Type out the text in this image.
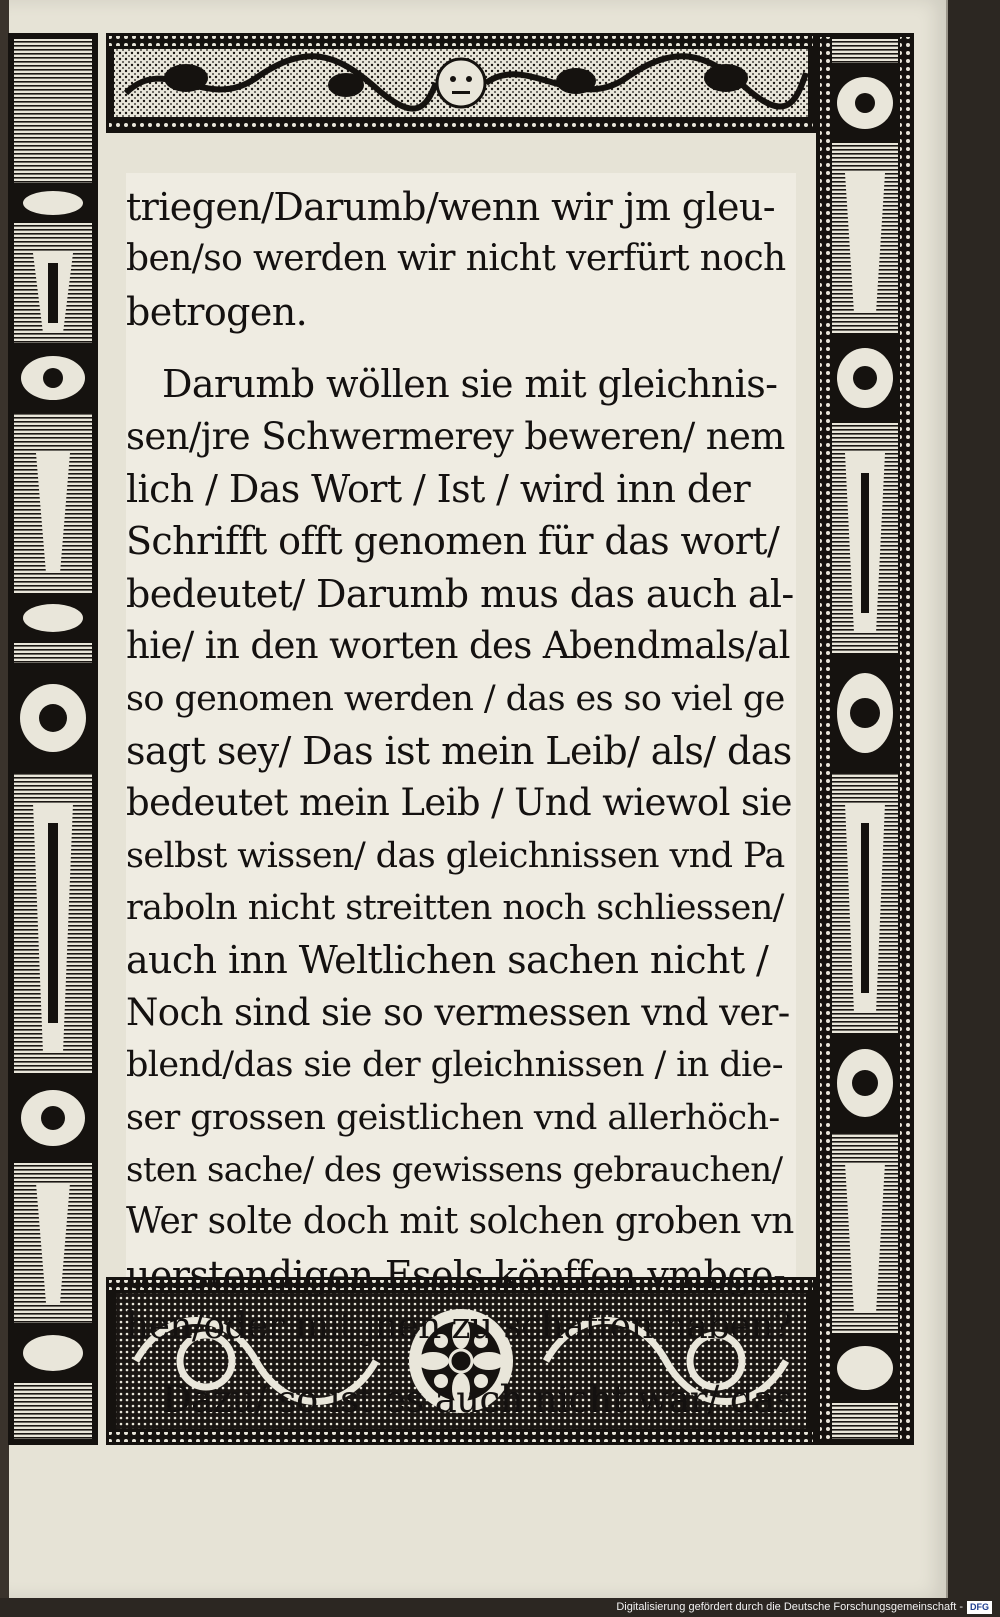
triegen/Darumb/wenn wir jm gleu-
ben/so werden wir nicht verfürt noch
betrogen.
Darumb wöllen sie mit gleichnis-
sen/jre Schwermerey beweren/ nem
lich / Das Wort / Ist / wird inn der
Schrifft offt genomen für das wort/
bedeutet/ Darumb mus das auch al-
hie/ in den worten des Abendmals/al
so genomen werden / das es so viel ge
sagt sey/ Das ist mein Leib/ als/ das
bedeutet mein Leib / Und wiewol sie
selbst wissen/ das gleichnissen vnd Pa
raboln nicht streitten noch schliessen/
auch inn Weltlichen sachen nicht /
Noch sind sie so vermessen vnd ver-
blend/das sie der gleichnissen / in die-
ser grossen geistlichen vnd allerhöch-
sten sache/ des gewissens gebrauchen/
Wer solte doch mit solchen groben vn
uerstendigen Esels köpffen vmbge-
hen/oder mit jnen zu schaffen haben?
Dazu/ so ist es auch nicht war/ das
Digitalisierung gefördert durch die Deutsche Forschungsgemeinschaft - DFG
